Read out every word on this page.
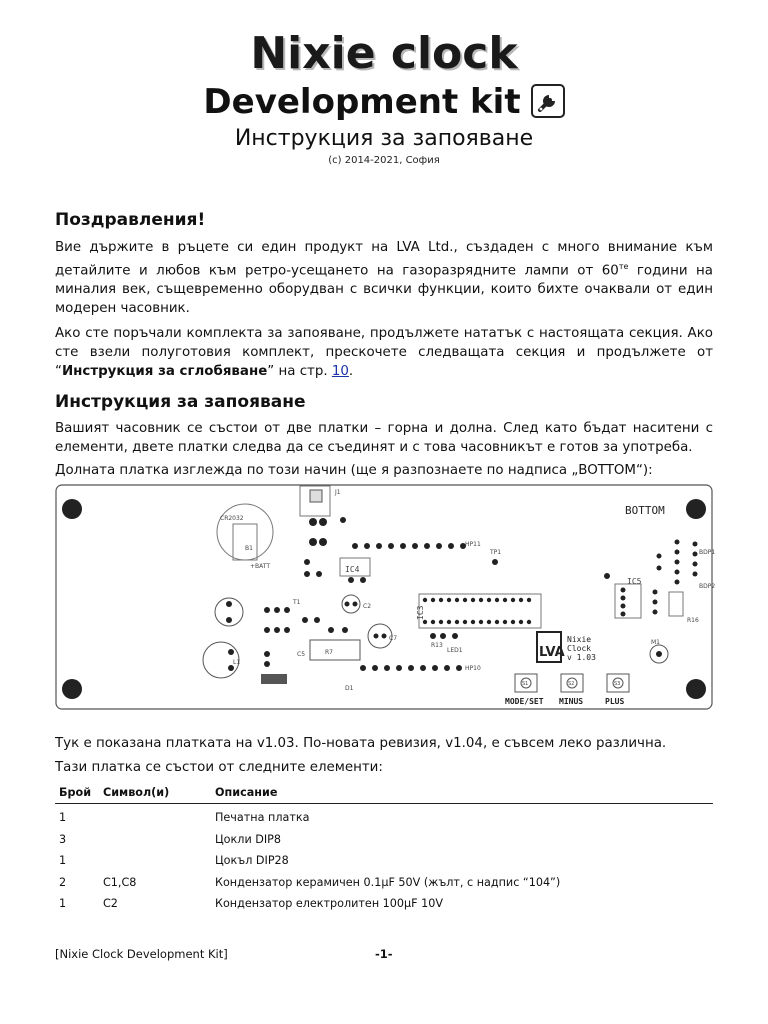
Nixie clock
Development kit
Инструкция за запояване
(c) 2014-2021, София
Поздравления!

Вие държите в ръцете си един продукт на LVA Ltd., създаден с много внимание към детайлите и любов към ретро-усещането на газоразрядните лампи от $60^{те}$ години на миналия век, същевременно оборудван с всички функции, които бихте очаквали от един модерен часовник.

Ако сте поръчали комплекта за запояване, продължете нататък с настоящата секция. Ако сте взели полуготовия комплект, прескочете следващата секция и продължете от “Инструкция за сглобяване” на стр. 10.

Инструкция за запояване

Вашият часовник се състои от две платки – горна и долна. След като бъдат наситени с елементи, двете платки следва да се съединят и с това часовникът е готов за употреба.

Долната платка изглежда по този начин (ще я разпознаете по надписа „BOTTOM“):

BOTTOM
J1
CR2032
B1
+BATT
HP11
TP1
IC4
C2	IC3
L1
R7
C5
D1
T1
C7
R13
LED1
HP10
LVA
Nixie
Clock
v 1.03
IC5
R16
BDP1
BDP2
M1
S1
MODE/SET
S2
MINUS
S3
PLUS

Тук е показана платката на v1.03. По-новата ревизия, v1.04, е съвсем леко различна.

Тази платка се състои от следните елементи:

Брой	Символ(и)	Описание
1		Печатна платка
3		Цокли DIP8
1		Цокъл DIP28
2	C1,C8	Кондензатор керамичен 0.1µF 50V (жълт, с надпис “104”)
1	C2	Кондензатор електролитен 100µF 10V
[Nixie Clock Development Kit]	-1-
